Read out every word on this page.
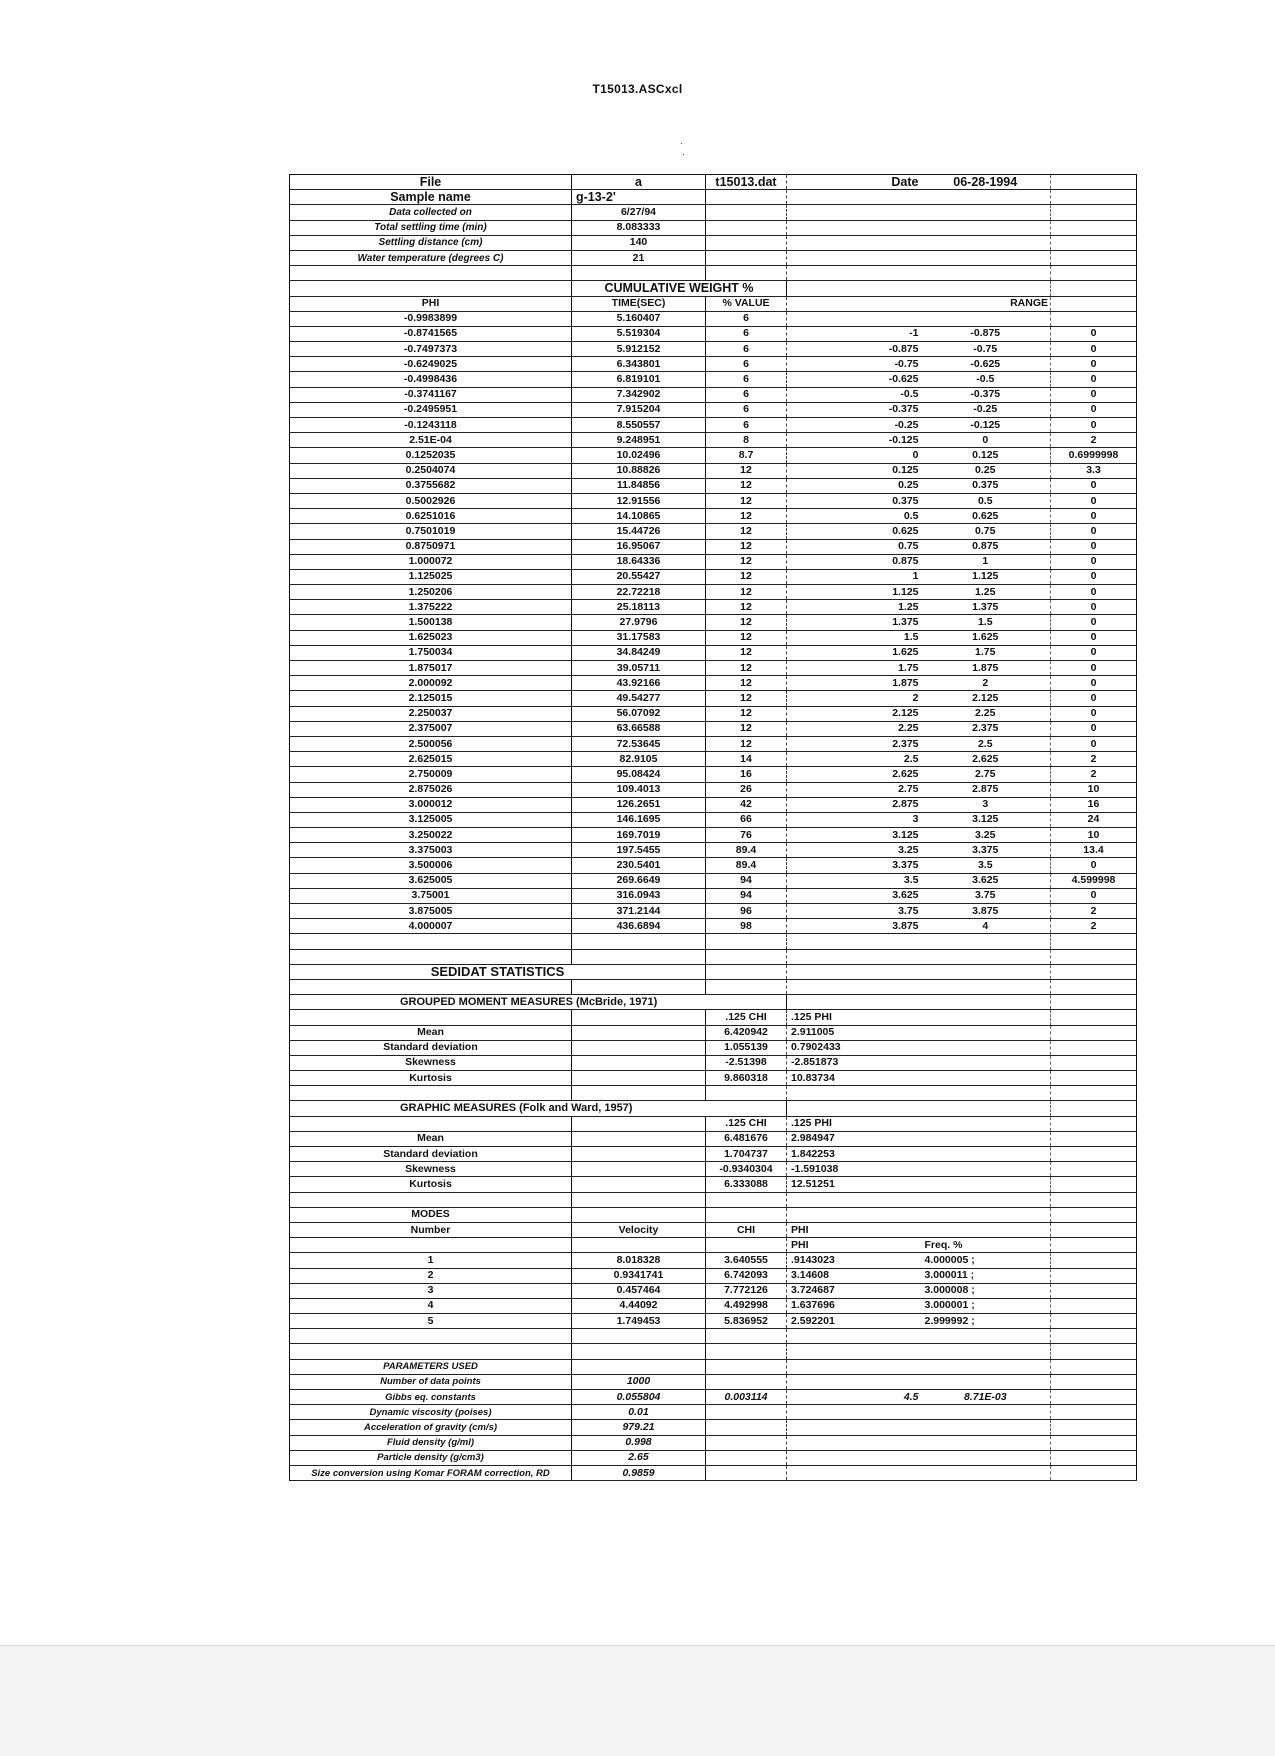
T15013.ASCxcl
File	a	t15013.dat	Date	06-28-1994	
Sample name	g-13-2'				
Data collected on	6/27/94				
Total settling time (min)	8.083333				
Settling distance (cm)	140				
Water temperature (degrees C)	21				

	CUMULATIVE WEIGHT %				
PHI	TIME(SEC)	% VALUE	RANGE		
-0.9983899	5.160407	6			
-0.8741565	5.519304	6	-1	-0.875	0
-0.7497373	5.912152	6	-0.875	-0.75	0
-0.6249025	6.343801	6	-0.75	-0.625	0
-0.4998436	6.819101	6	-0.625	-0.5	0
-0.3741167	7.342902	6	-0.5	-0.375	0
-0.2495951	7.915204	6	-0.375	-0.25	0
-0.1243118	8.550557	6	-0.25	-0.125	0
2.51E-04	9.248951	8	-0.125	0	2
0.1252035	10.02496	8.7	0	0.125	0.6999998
0.2504074	10.88826	12	0.125	0.25	3.3
0.3755682	11.84856	12	0.25	0.375	0
0.5002926	12.91556	12	0.375	0.5	0
0.6251016	14.10865	12	0.5	0.625	0
0.7501019	15.44726	12	0.625	0.75	0
0.8750971	16.95067	12	0.75	0.875	0
1.000072	18.64336	12	0.875	1	0
1.125025	20.55427	12	1	1.125	0
1.250206	22.72218	12	1.125	1.25	0
1.375222	25.18113	12	1.25	1.375	0
1.500138	27.9796	12	1.375	1.5	0
1.625023	31.17583	12	1.5	1.625	0
1.750034	34.84249	12	1.625	1.75	0
1.875017	39.05711	12	1.75	1.875	0
2.000092	43.92166	12	1.875	2	0
2.125015	49.54277	12	2	2.125	0
2.250037	56.07092	12	2.125	2.25	0
2.375007	63.66588	12	2.25	2.375	0
2.500056	72.53645	12	2.375	2.5	0
2.625015	82.9105	14	2.5	2.625	2
2.750009	95.08424	16	2.625	2.75	2
2.875026	109.4013	26	2.75	2.875	10
3.000012	126.2651	42	2.875	3	16
3.125005	146.1695	66	3	3.125	24
3.250022	169.7019	76	3.125	3.25	10
3.375003	197.5455	89.4	3.25	3.375	13.4
3.500006	230.5401	89.4	3.375	3.5	0
3.625005	269.6649	94	3.5	3.625	4.599998
3.75001	316.0943	94	3.625	3.75	0
3.875005	371.2144	96	3.75	3.875	2
4.000007	436.6894	98	3.875	4	2

SEDIDAT STATISTICS					

GROUPED MOMENT MEASURES (McBride, 1971)					
		.125 CHI	.125 PHI		
Mean		6.420942	2.911005		
Standard deviation		1.055139	0.7902433		
Skewness		-2.51398	-2.851873		
Kurtosis		9.860318	10.83734		

GRAPHIC MEASURES (Folk and Ward, 1957)					
		.125 CHI	.125 PHI		
Mean		6.481676	2.984947		
Standard deviation		1.704737	1.842253		
Skewness		-0.9340304	-1.591038		
Kurtosis		6.333088	12.51251		

MODES					
Number	Velocity	CHI	PHI		
			PHI	Freq. %	
1	8.018328	3.640555	.9143023	4.000005 ;	
2	0.9341741	6.742093	3.14608	3.000011 ;	
3	0.457464	7.772126	3.724687	3.000008 ;	
4	4.44092	4.492998	1.637696	3.000001 ;	
5	1.749453	5.836952	2.592201	2.999992 ;	

PARAMETERS USED					
Number of data points	1000				
Gibbs eq. constants	0.055804	0.003114	4.5	8.71E-03	
Dynamic viscosity (poises)	0.01				
Acceleration of gravity (cm/s)	979.21				
Fluid density (g/ml)	0.998				
Particle density (g/cm3)	2.65				
Size conversion using Komar FORAM correction, RD	0.9859				
